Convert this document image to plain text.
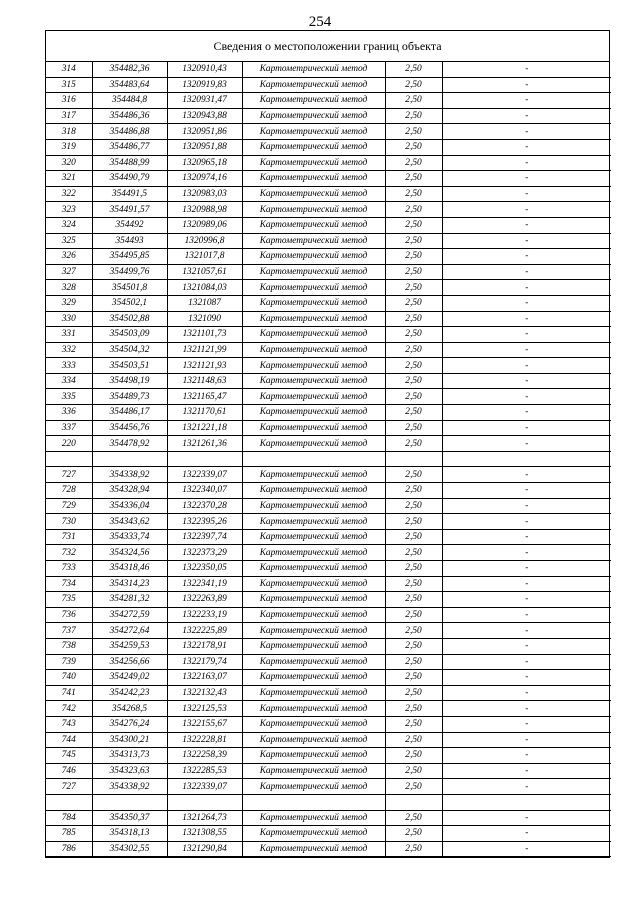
254
Сведения о местоположении границ объекта
314	354482,36	1320910,43	Картометрический метод	2,50	-
315	354483,64	1320919,83	Картометрический метод	2,50	-
316	354484,8	1320931,47	Картометрический метод	2,50	-
317	354486,36	1320943,88	Картометрический метод	2,50	-
318	354486,88	1320951,86	Картометрический метод	2,50	-
319	354486,77	1320951,88	Картометрический метод	2,50	-
320	354488,99	1320965,18	Картометрический метод	2,50	-
321	354490,79	1320974,16	Картометрический метод	2,50	-
322	354491,5	1320983,03	Картометрический метод	2,50	-
323	354491,57	1320988,98	Картометрический метод	2,50	-
324	354492	1320989,06	Картометрический метод	2,50	-
325	354493	1320996,8	Картометрический метод	2,50	-
326	354495,85	1321017,8	Картометрический метод	2,50	-
327	354499,76	1321057,61	Картометрический метод	2,50	-
328	354501,8	1321084,03	Картометрический метод	2,50	-
329	354502,1	1321087	Картометрический метод	2,50	-
330	354502,88	1321090	Картометрический метод	2,50	-
331	354503,09	1321101,73	Картометрический метод	2,50	-
332	354504,32	1321121,99	Картометрический метод	2,50	-
333	354503,51	1321121,93	Картометрический метод	2,50	-
334	354498,19	1321148,63	Картометрический метод	2,50	-
335	354489,73	1321165,47	Картометрический метод	2,50	-
336	354486,17	1321170,61	Картометрический метод	2,50	-
337	354456,76	1321221,18	Картометрический метод	2,50	-
220	354478,92	1321261,36	Картометрический метод	2,50	-

727	354338,92	1322339,07	Картометрический метод	2,50	-
728	354328,94	1322340,07	Картометрический метод	2,50	-
729	354336,04	1322370,28	Картометрический метод	2,50	-
730	354343,62	1322395,26	Картометрический метод	2,50	-
731	354333,74	1322397,74	Картометрический метод	2,50	-
732	354324,56	1322373,29	Картометрический метод	2,50	-
733	354318,46	1322350,05	Картометрический метод	2,50	-
734	354314,23	1322341,19	Картометрический метод	2,50	-
735	354281,32	1322263,89	Картометрический метод	2,50	-
736	354272,59	1322233,19	Картометрический метод	2,50	-
737	354272,64	1322225,89	Картометрический метод	2,50	-
738	354259,53	1322178,91	Картометрический метод	2,50	-
739	354256,66	1322179,74	Картометрический метод	2,50	-
740	354249,02	1322163,07	Картометрический метод	2,50	-
741	354242,23	1322132,43	Картометрический метод	2,50	-
742	354268,5	1322125,53	Картометрический метод	2,50	-
743	354276,24	1322155,67	Картометрический метод	2,50	-
744	354300,21	1322228,81	Картометрический метод	2,50	-
745	354313,73	1322258,39	Картометрический метод	2,50	-
746	354323,63	1322285,53	Картометрический метод	2,50	-
727	354338,92	1322339,07	Картометрический метод	2,50	-

784	354350,37	1321264,73	Картометрический метод	2,50	-
785	354318,13	1321308,55	Картометрический метод	2,50	-
786	354302,55	1321290,84	Картометрический метод	2,50	-
